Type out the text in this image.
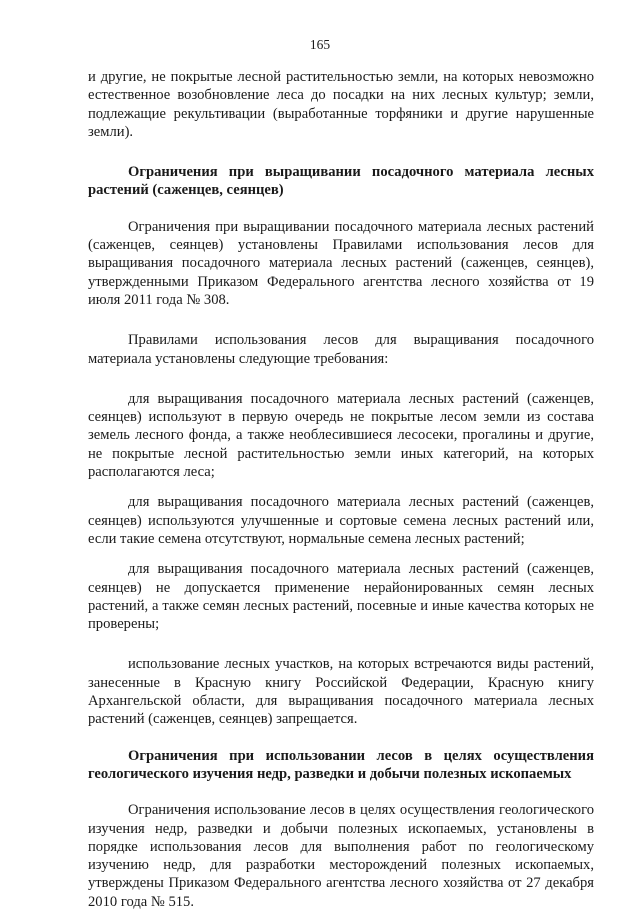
165

и другие, не покрытые лесной растительностью земли, на которых невозможно естественное возобновление леса до посадки на них лесных культур; земли, подлежащие рекультивации (выработанные торфяники и другие нарушенные земли).

Ограничения при выращивании посадочного материала лесных растений (саженцев, сеянцев)

Ограничения при выращивании посадочного материала лесных растений (саженцев, сеянцев) установлены Правилами использования лесов для выращивания посадочного материала лесных растений (саженцев, сеянцев), утвержденными Приказом Федерального агентства лесного хозяйства от 19 июля 2011 года № 308.

Правилами использования лесов для выращивания посадочного материала установлены следующие требования:

для выращивания посадочного материала лесных растений (саженцев, сеянцев) используют в первую очередь не покрытые лесом земли из состава земель лесного фонда, а также необлесившиеся лесосеки, прогалины и другие, не покрытые лесной растительностью земли иных категорий, на которых располагаются леса;

для выращивания посадочного материала лесных растений (саженцев, сеянцев) используются улучшенные и сортовые семена лесных растений или, если такие семена отсутствуют, нормальные семена лесных растений;

для выращивания посадочного материала лесных растений (саженцев, сеянцев) не допускается применение нерайонированных семян лесных растений, а также семян лесных растений, посевные и иные качества которых не проверены;

использование лесных участков, на которых встречаются виды растений, занесенные в Красную книгу Российской Федерации, Красную книгу Архангельской области, для выращивания посадочного материала лесных растений (саженцев, сеянцев) запрещается.

Ограничения при использовании лесов в целях осуществления геологического изучения недр, разведки и добычи полезных ископаемых

Ограничения использование лесов в целях осуществления геологического изучения недр, разведки и добычи полезных ископаемых, установлены в порядке использования лесов для выполнения работ по геологическому изучению недр, для разработки месторождений полезных ископаемых, утверждены Приказом Федерального агентства лесного хозяйства от 27 декабря 2010 года № 515.
